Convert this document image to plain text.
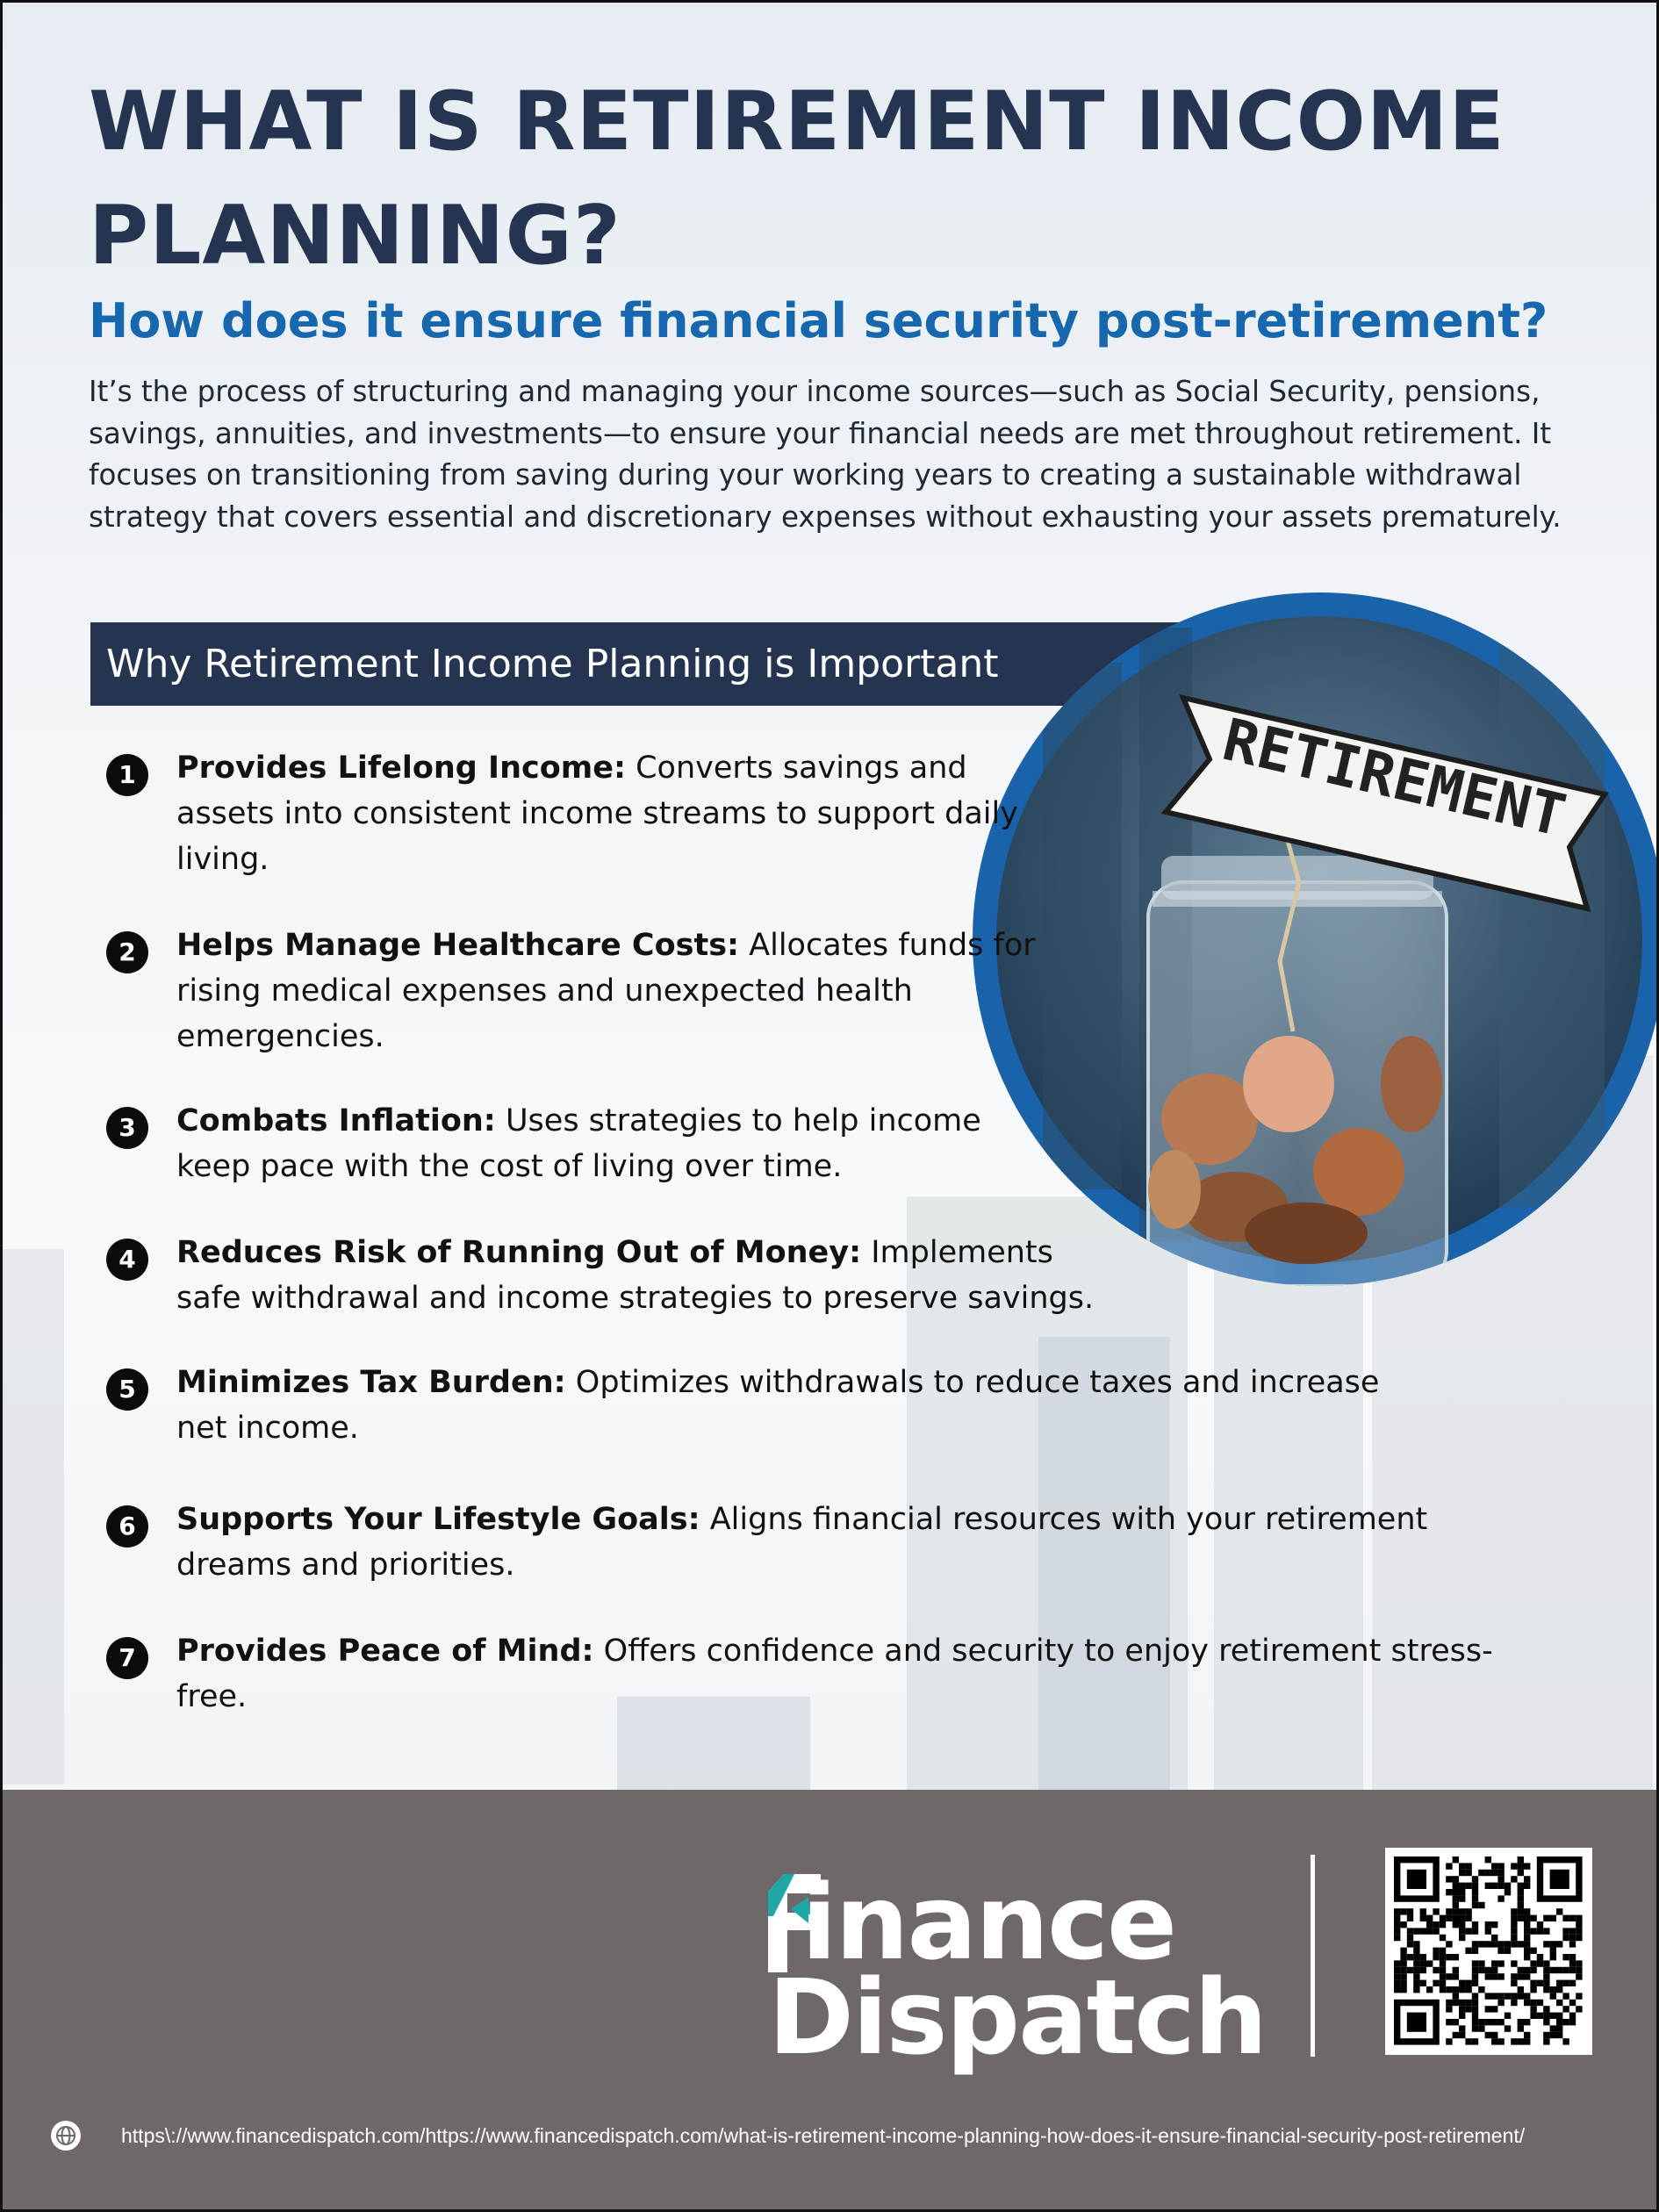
WHAT IS RETIREMENT INCOME PLANNING?
How does it ensure financial security post-retirement?

It’s the process of structuring and managing your income sources—such as Social Security, pensions, savings, annuities, and investments—to ensure your financial needs are met throughout retirement. It focuses on transitioning from saving during your working years to creating a sustainable withdrawal strategy that covers essential and discretionary expenses without exhausting your assets prematurely.

Why Retirement Income Planning is Important
RETIREMENT
1	Provides Lifelong Income: Converts savings and assets into consistent income streams to support daily living.
2	Helps Manage Healthcare Costs: Allocates funds for rising medical expenses and unexpected health emergencies.
3	Combats Inflation: Uses strategies to help income keep pace with the cost of living over time.
4	Reduces Risk of Running Out of Money: Implements safe withdrawal and income strategies to preserve savings.
5	Minimizes Tax Burden: Optimizes withdrawals to reduce taxes and increase net income.
6	Supports Your Lifestyle Goals: Aligns financial resources with your retirement dreams and priorities.
7	Provides Peace of Mind: Offers confidence and security to enjoy retirement stress-free.
inance
Dispatch
https\://www.financedispatch.com/https://www.financedispatch.com/what-is-retirement-income-planning-how-does-it-ensure-financial-security-post-retirement/
